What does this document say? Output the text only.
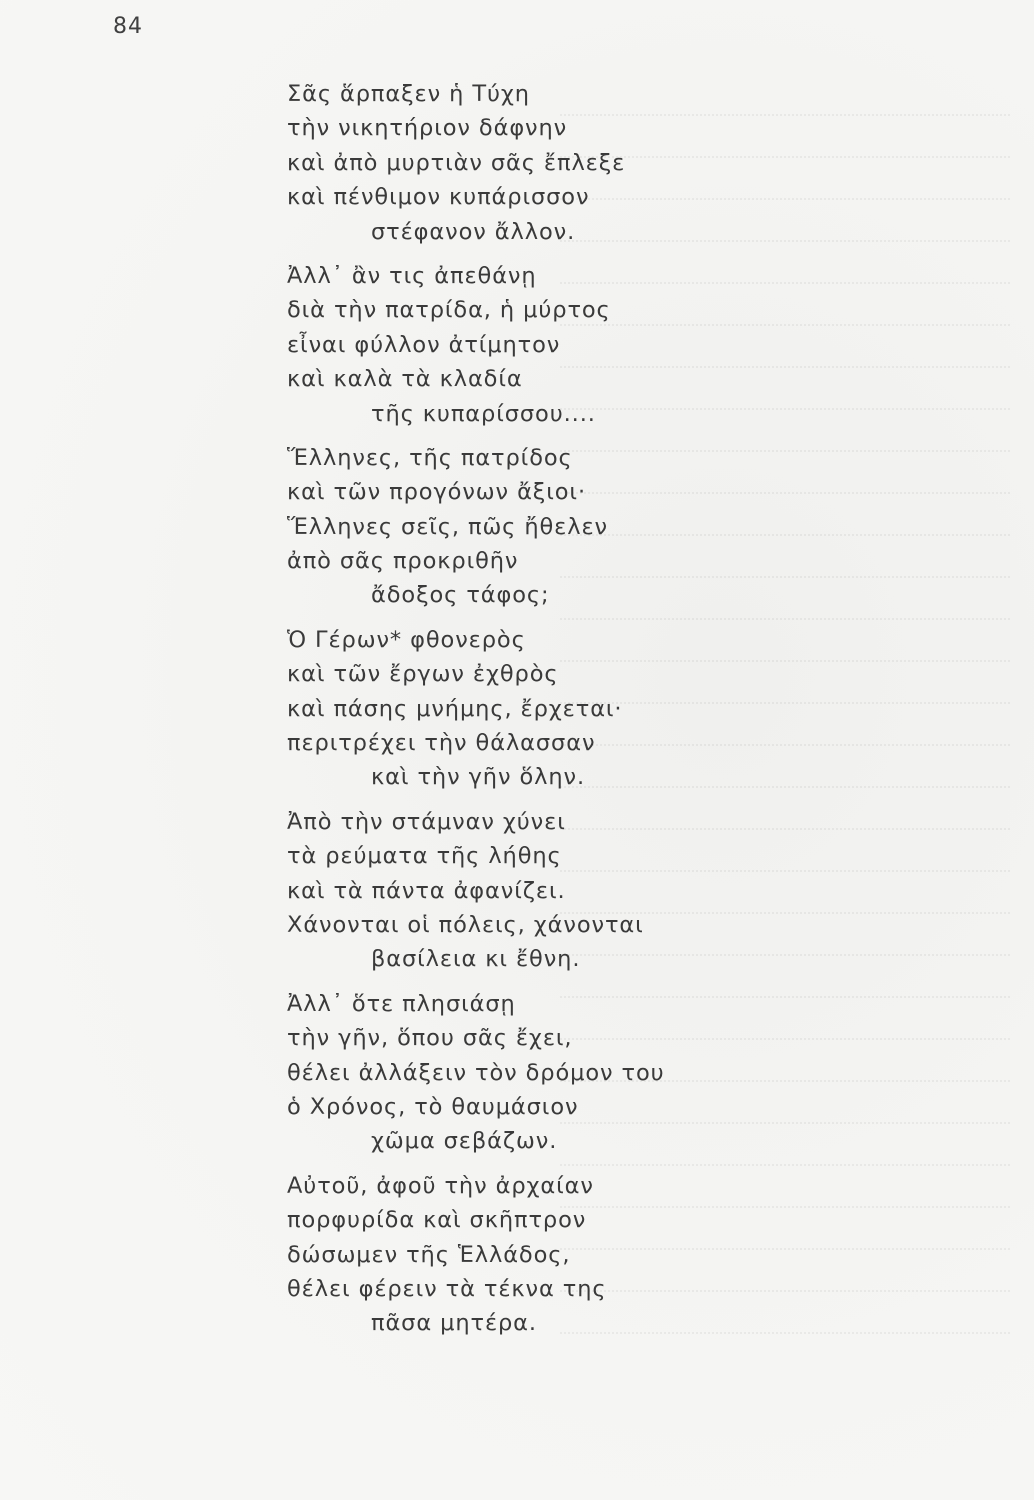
84
Σᾶς ἅρπαξεν ἡ Τύχη
τὴν νικητήριον δάφνην
καὶ ἀπὸ μυρτιὰν σᾶς ἔπλεξε
καὶ πένθιμον κυπάρισσον
στέφανον ἄλλον.
Ἀλλ᾽ ἂν τις ἀπεθάνῃ
διὰ τὴν πατρίδα, ἡ μύρτος
εἶναι φύλλον ἀτίμητον
καὶ καλὰ τὰ κλαδία
τῆς κυπαρίσσου....
Ἕλληνες, τῆς πατρίδος
καὶ τῶν προγόνων ἄξιοι·
Ἕλληνες σεῖς, πῶς ἤθελεν
ἀπὸ σᾶς προκριθῆν
ἄδοξος τάφος;
Ὁ Γέρων* φθονερὸς
καὶ τῶν ἔργων ἐχθρὸς
καὶ πάσης μνήμης, ἔρχεται·
περιτρέχει τὴν θάλασσαν
καὶ τὴν γῆν ὅλην.
Ἀπὸ τὴν στάμναν χύνει
τὰ ρεύματα τῆς λήθης
καὶ τὰ πάντα ἀφανίζει.
Χάνονται οἱ πόλεις, χάνονται
βασίλεια κι ἔθνη.
Ἀλλ᾽ ὅτε πλησιάσῃ
τὴν γῆν, ὅπου σᾶς ἔχει,
θέλει ἀλλάξειν τὸν δρόμον του
ὁ Χρόνος, τὸ θαυμάσιον
χῶμα σεβάζων.
Αὐτοῦ, ἀφοῦ τὴν ἀρχαίαν
πορφυρίδα καὶ σκῆπτρον
δώσωμεν τῆς Ἑλλάδος,
θέλει φέρειν τὰ τέκνα της
πᾶσα μητέρα.
